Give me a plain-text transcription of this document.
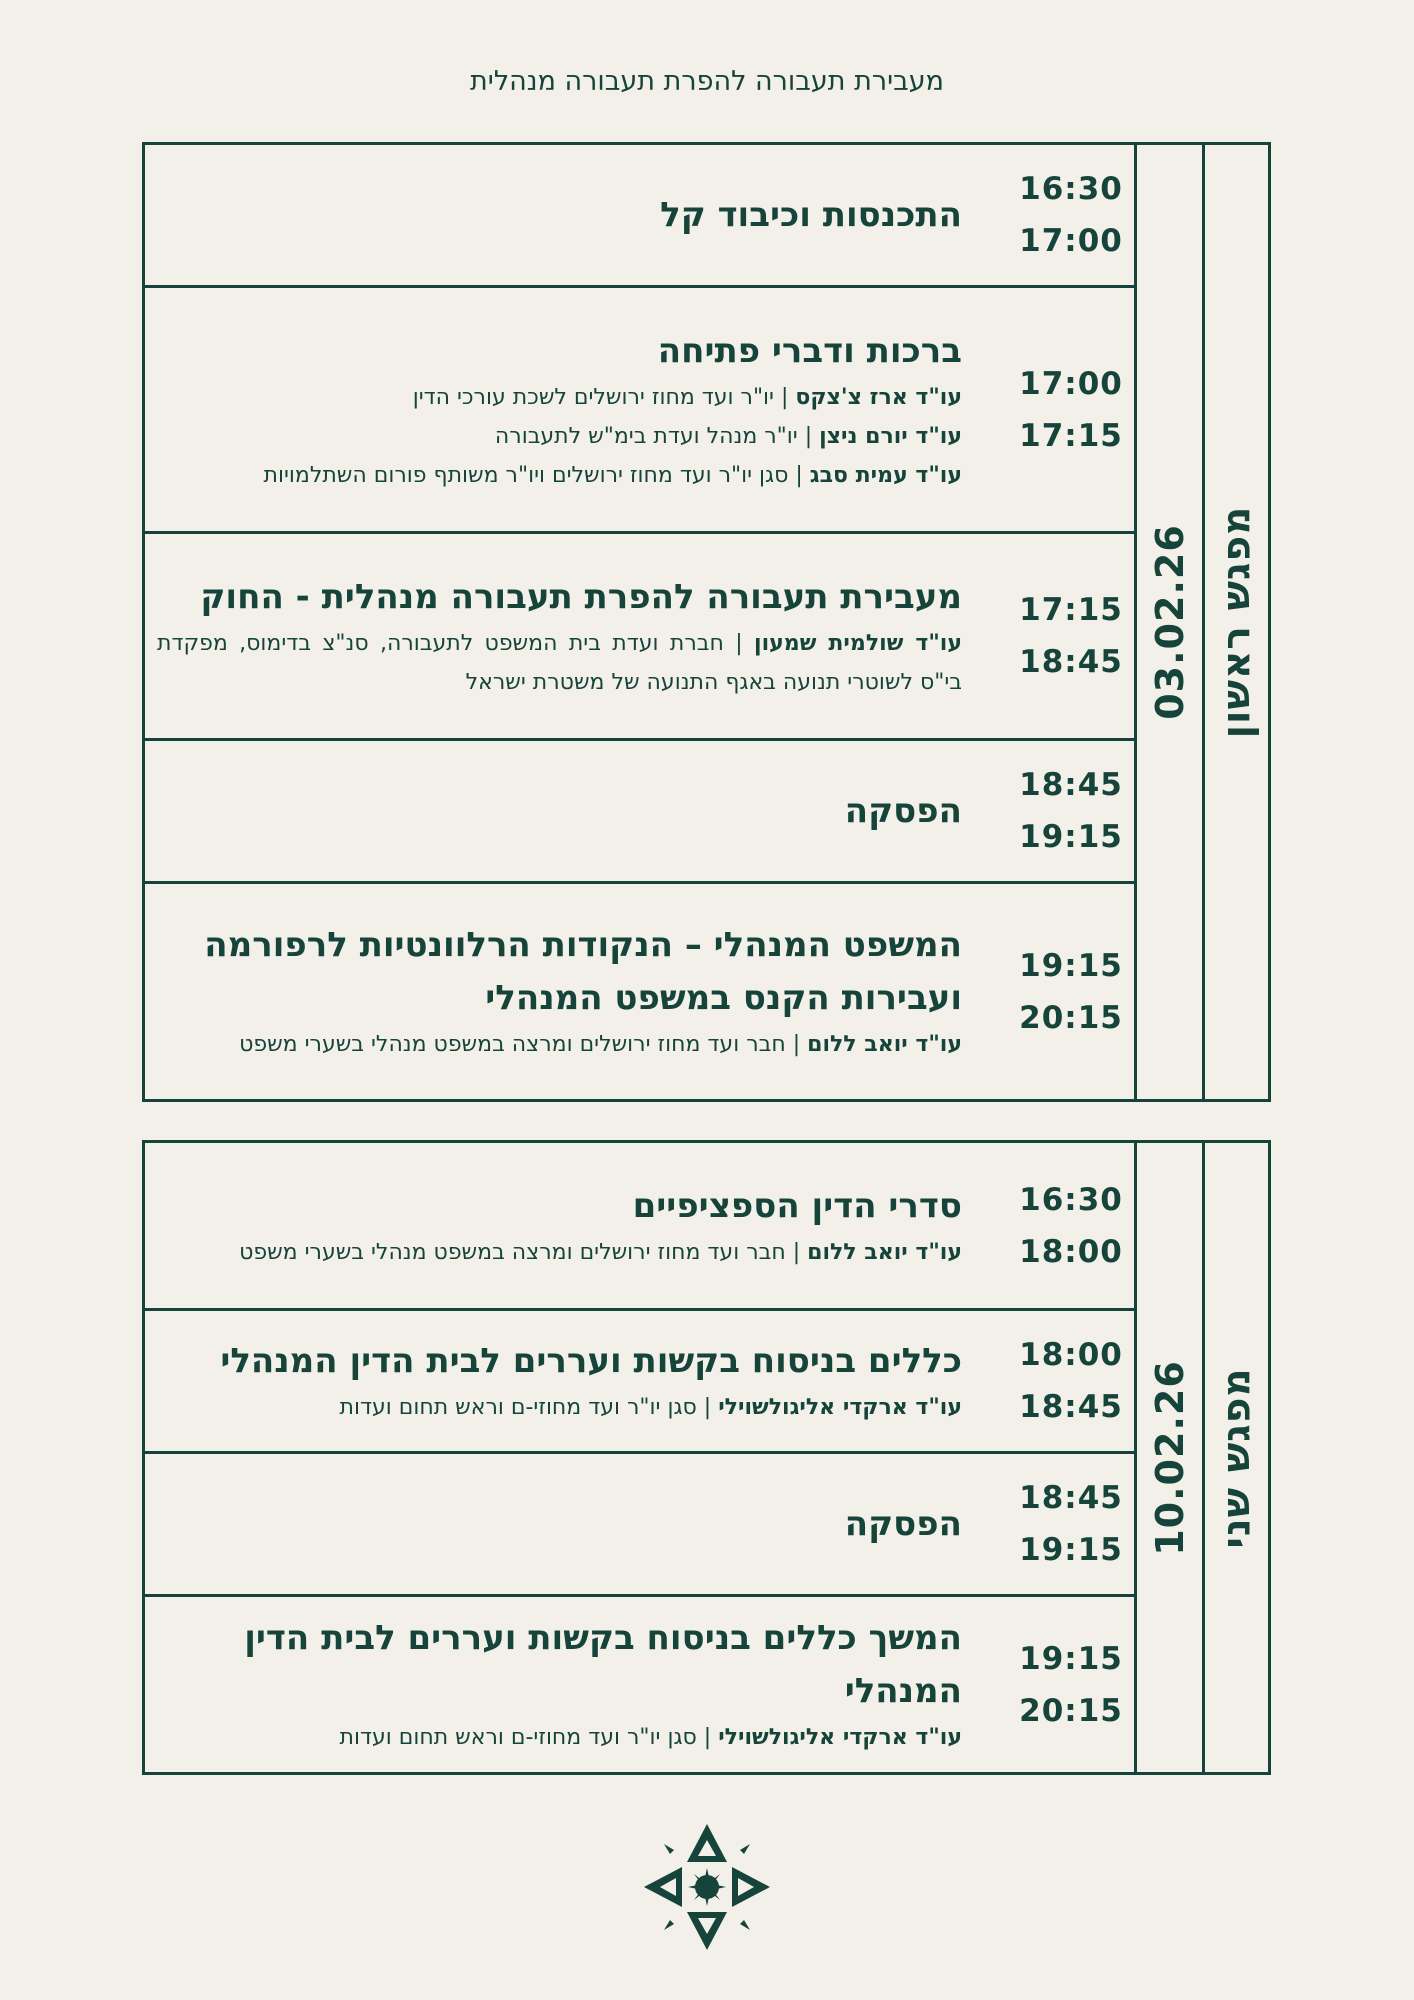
מעבירת תעבורה להפרת תעבורה מנהלית
התכנסות וכיבוד קל
16:30
17:00
ברכות ודברי פתיחה
עו"ד ארז צ'צקס | יו"ר ועד מחוז ירושלים לשכת עורכי הדין
עו"ד יורם ניצן | יו"ר מנהל ועדת בימ"ש לתעבורה
עו"ד עמית סבג | סגן יו"ר ועד מחוז ירושלים ויו"ר משותף פורום השתלמויות
17:00
17:15
מעבירת תעבורה להפרת תעבורה מנהלית - החוק
עו"ד שולמית שמעון | חברת ועדת בית המשפט לתעבורה, סנ"צ בדימוס, מפקדת בי"ס לשוטרי תנועה באגף התנועה של משטרת ישראל
17:15
18:45
הפסקה
18:45
19:15
המשפט המנהלי – הנקודות הרלוונטיות לרפורמה ועבירות הקנס במשפט המנהלי
עו"ד יואב ללום | חבר ועד מחוז ירושלים ומרצה במשפט מנהלי בשערי משפט
19:15
20:15
03.02.26 מפגש ראשון
סדרי הדין הספציפיים
עו"ד יואב ללום | חבר ועד מחוז ירושלים ומרצה במשפט מנהלי בשערי משפט
16:30
18:00
כללים בניסוח בקשות ועררים לבית הדין המנהלי
עו"ד ארקדי אליגולשוילי | סגן יו"ר ועד מחוזי-ם וראש תחום ועדות
18:00
18:45
הפסקה
18:45
19:15
המשך כללים בניסוח בקשות ועררים לבית הדין המנהלי
עו"ד ארקדי אליגולשוילי | סגן יו"ר ועד מחוזי-ם וראש תחום ועדות
19:15
20:15
10.02.26 מפגש שני
